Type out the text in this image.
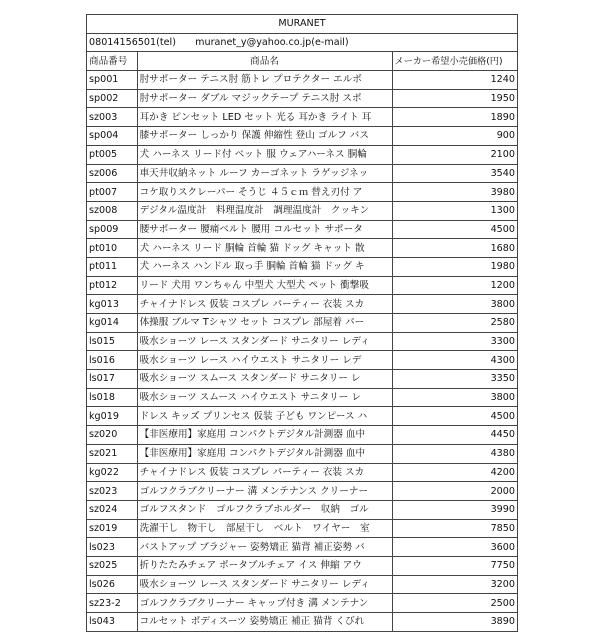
MURANET		
08014156501(tel)　　muranet_y@yahoo.co.jp(e-mail)		
商品番号	商品名	メーカー希望小売価格(円)
sp001	肘サポーター テニス肘 筋トレ プロテクター エルボ	1240
sp002	肘サポーター ダブル マジックテープ テニス肘 スポ	1950
sz003	耳かき ピンセット LED セット 光る 耳かき ライト 耳	1890
sp004	膝サポーター しっかり 保護 伸縮性 登山 ゴルフ バス	900
pt005	犬 ハーネス リード付 ベット 服 ウェアハーネス 胴輪	2100
sz006	車天井収納ネット ルーフ カーゴネット ラゲッジネッ	3540
pt007	コケ取りスクレーパー そうじ ４５ｃｍ 替え刃付 ア	3980
sz008	デジタル温度計　料理温度計　調理温度計　クッキン	1300
sp009	腰サポーター 腰痛ベルト 腰用 コルセット サポータ	4500
pt010	犬 ハーネス リード 胴輪 首輪 猫 ドッグ キャット 散	1680
pt011	犬 ハーネス ハンドル 取っ手 胴輪 首輪 猫 ドッグ キ	1980
pt012	リード 犬用 ワンちゃん 中型犬 大型犬 ペット 衝撃吸	1200
kg013	チャイナドレス 仮装 コスプレ パーティー 衣装 スカ	3800
kg014	体操服 ブルマ Tシャツ セット コスプレ 部屋着 パー	2580
ls015	吸水ショーツ レース スタンダード サニタリー レディ	3300
ls016	吸水ショーツ レース ハイウエスト サニタリー レデ	4300
ls017	吸水ショーツ スムース スタンダード サニタリー レ	3350
ls018	吸水ショーツ スムース ハイウエスト サニタリー レ	3800
kg019	ドレス キッズ プリンセス 仮装 子ども ワンピース ハ	4500
sz020	【非医療用】家庭用 コンパクトデジタル計測器 血中	4450
sz021	【非医療用】家庭用 コンパクトデジタル計測器 血中	4380
kg022	チャイナドレス 仮装 コスプレ パーティー 衣装 スカ	4200
sz023	ゴルフクラブクリーナー 溝 メンテナンス クリーナー	2000
sz024	ゴルフスタンド　ゴルフクラブホルダー　収納　ゴル	3990
sz019	洗濯干し　物干し　部屋干し　ベルト　ワイヤー　室	7850
ls023	バストアップ ブラジャー 姿勢矯正 猫背 補正姿勢 バ	3600
sz025	折りたたみチェア ポータブルチェア イス 伸縮 アウ	7750
ls026	吸水ショーツ レース スタンダード サニタリー レディ	3200
sz23-2	ゴルフクラブクリーナー キャップ付き 溝 メンテナン	2500
ls043	コルセット ボディスーツ 姿勢矯正 補正 猫背 くびれ	3890
